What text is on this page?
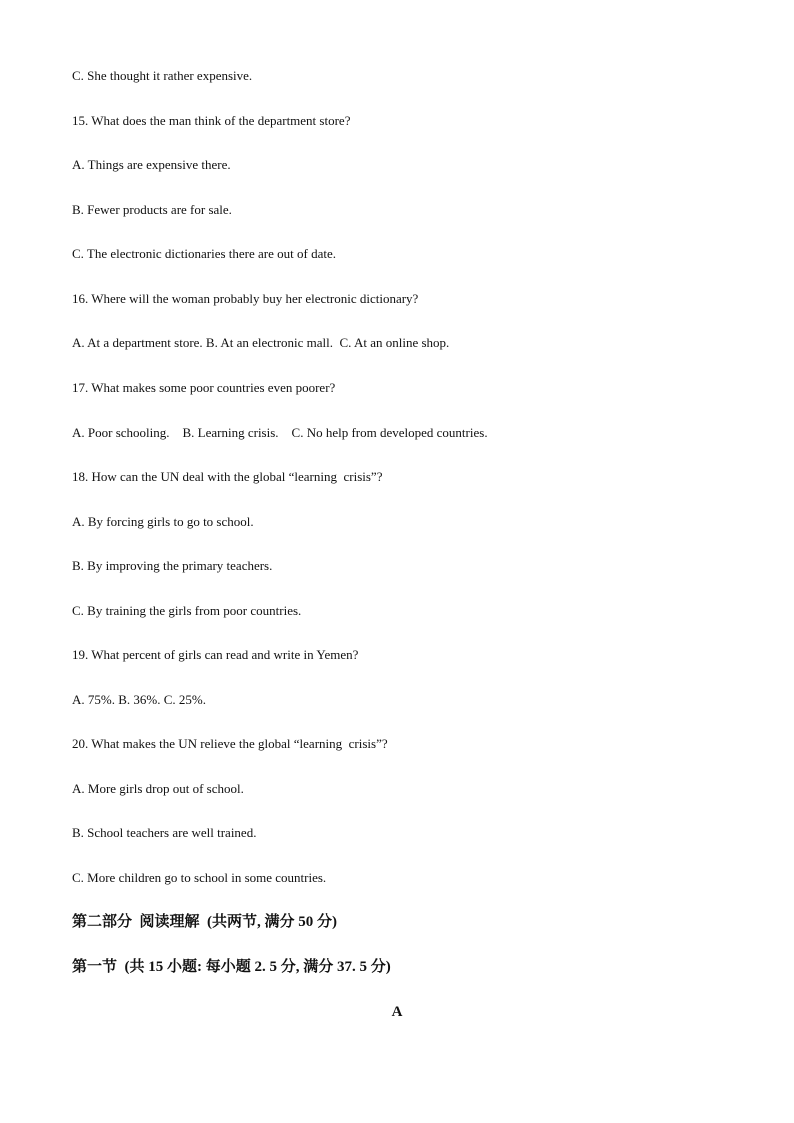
C. She thought it rather expensive.
15. What does the man think of the department store?
A. Things are expensive there.
B. Fewer products are for sale.
C. The electronic dictionaries there are out of date.
16. Where will the woman probably buy her electronic dictionary?
A. At a department store. B. At an electronic mall.  C. At an online shop.
17. What makes some poor countries even poorer?
A. Poor schooling.    B. Learning crisis.    C. No help from developed countries.
18. How can the UN deal with the global “learning  crisis”?
A. By forcing girls to go to school.
B. By improving the primary teachers.
C. By training the girls from poor countries.
19. What percent of girls can read and write in Yemen?
A. 75%. B. 36%. C. 25%.
20. What makes the UN relieve the global “learning  crisis”?
A. More girls drop out of school.
B. School teachers are well trained.
C. More children go to school in some countries.
第二部分  阅读理解  (共两节, 满分 50 分)
第一节  (共 15 小题: 每小题 2. 5 分, 满分 37. 5 分)
A
